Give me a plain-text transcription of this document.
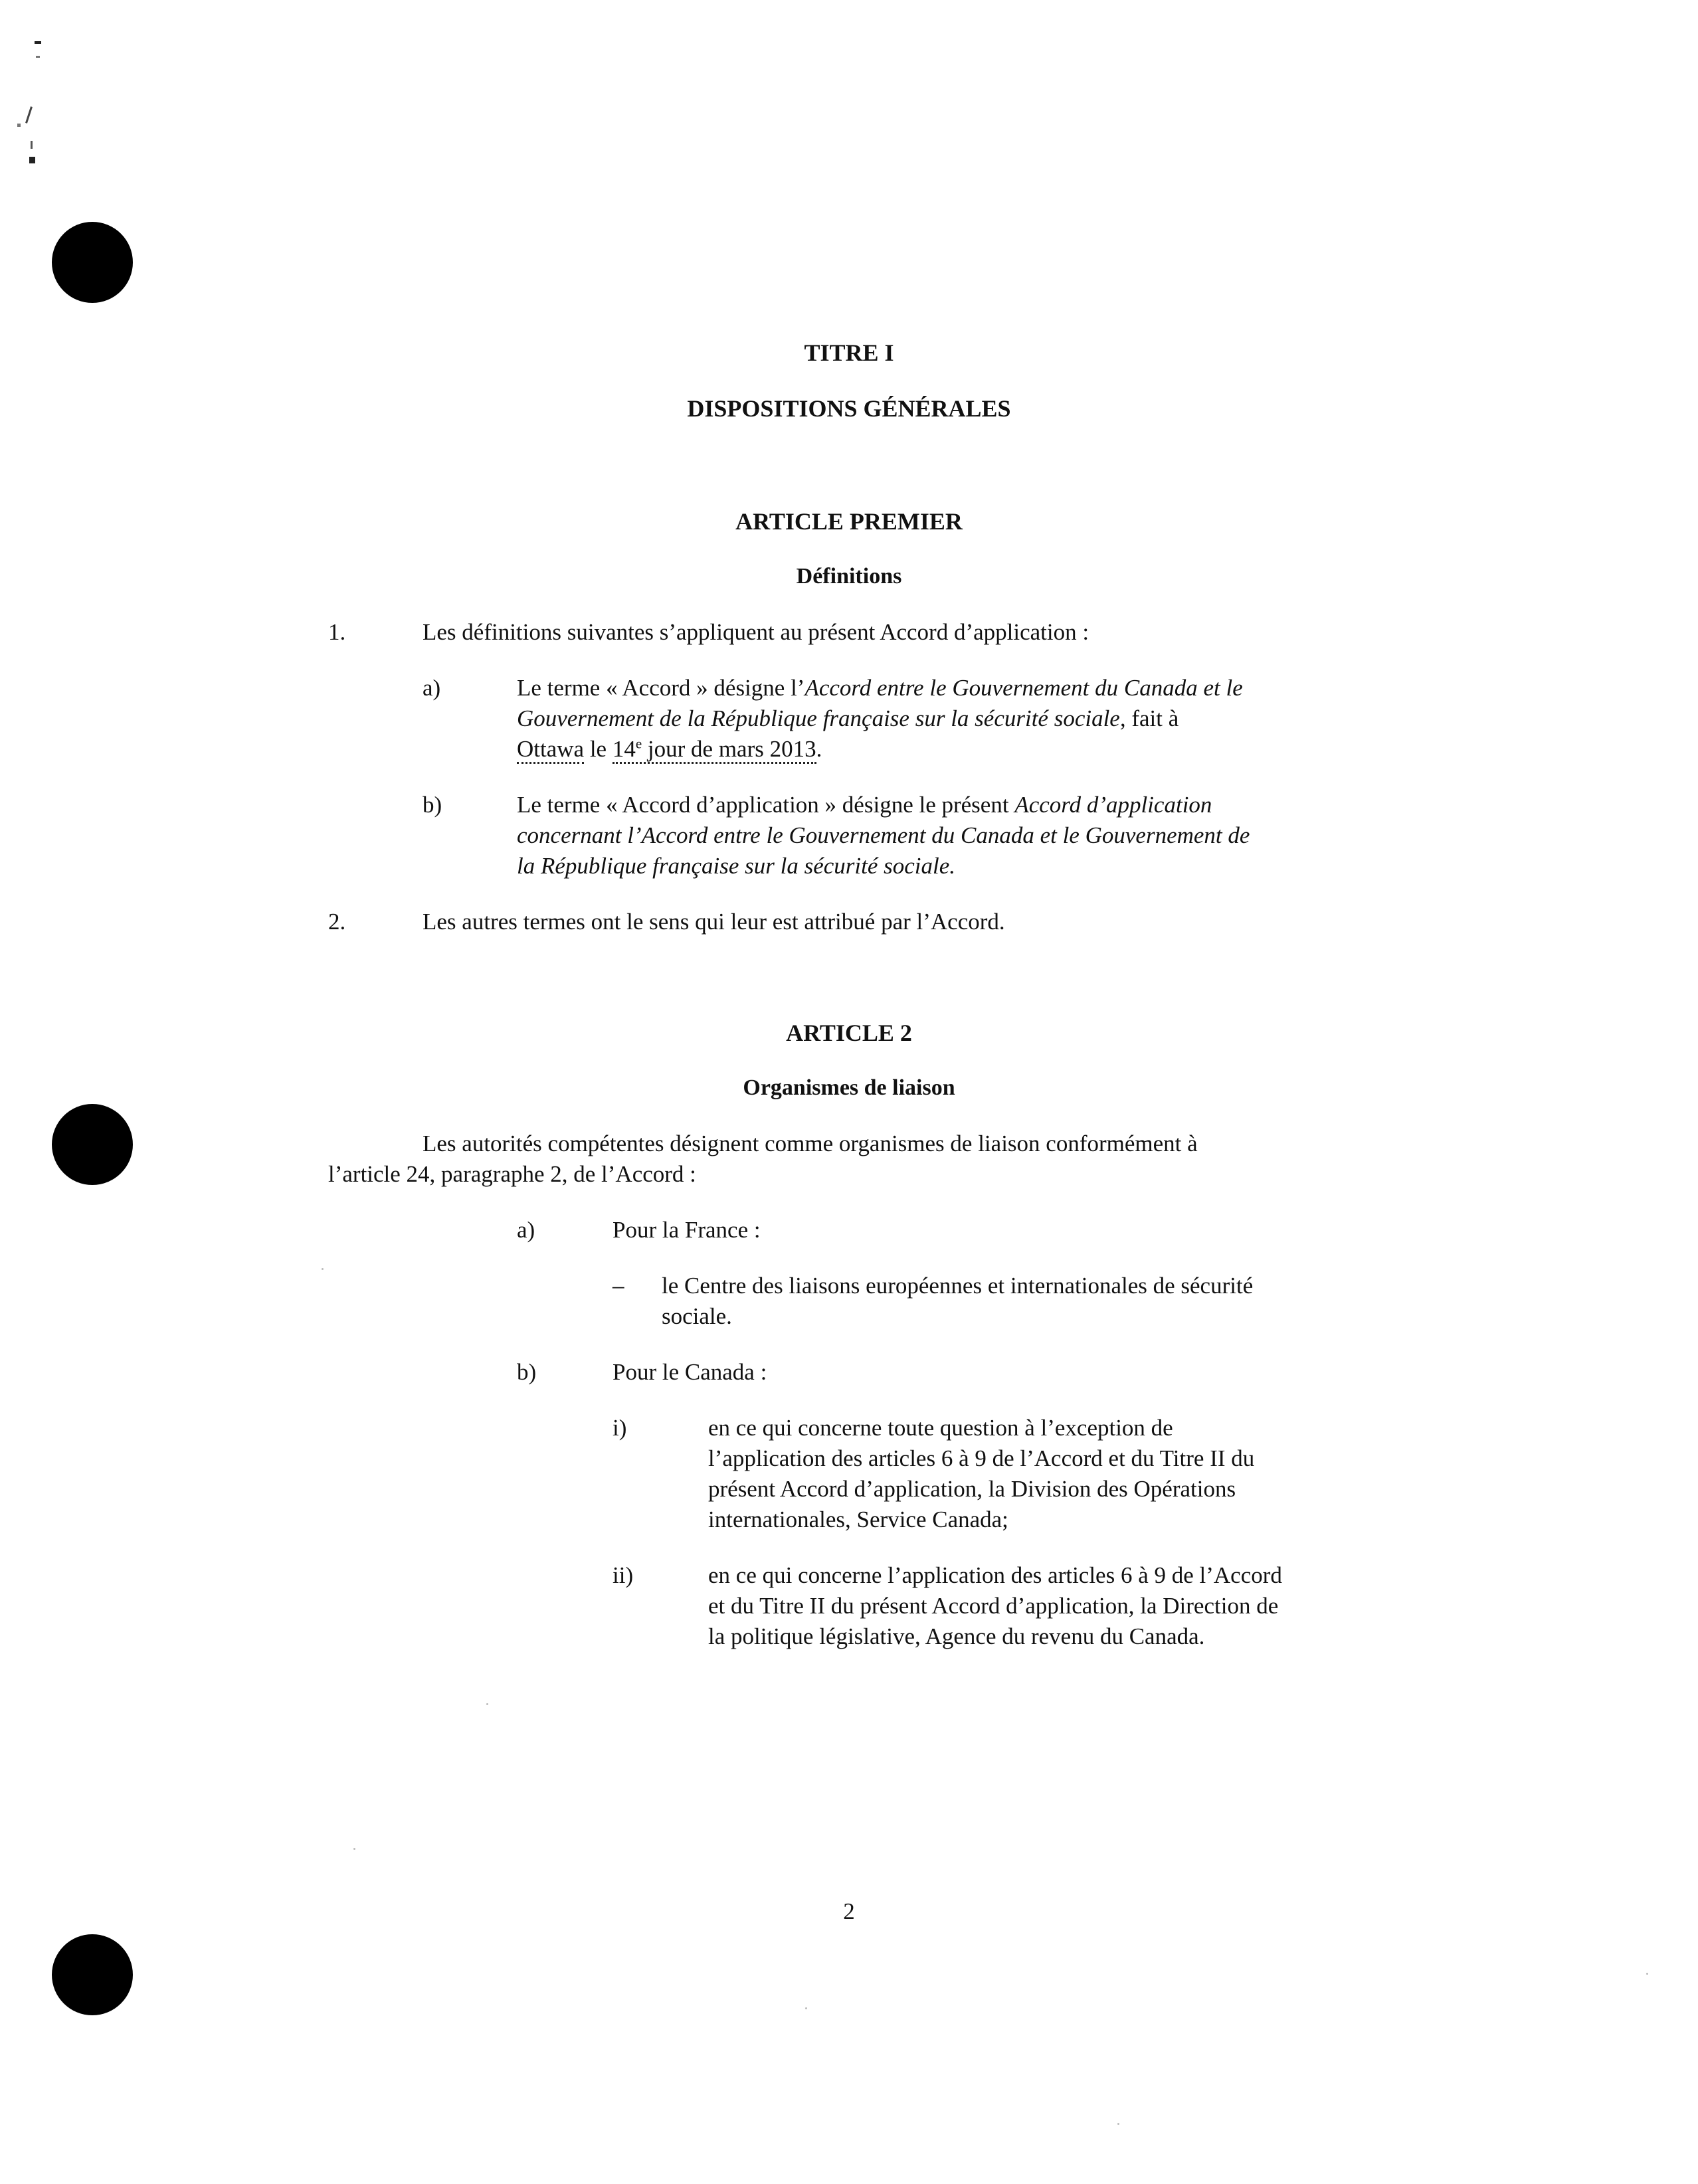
TITRE I
DISPOSITIONS GÉNÉRALES
ARTICLE PREMIER
Définitions
1.	Les définitions suivantes s’appliquent au présent Accord d’application :
a)	Le terme « Accord » désigne l’Accord entre le Gouvernement du Canada et le
Gouvernement de la République française sur la sécurité sociale, fait à
Ottawa le 14e jour de mars 2013.
b)	Le terme « Accord d’application » désigne le présent Accord d’application
concernant l’Accord entre le Gouvernement du Canada et le Gouvernement de
la République française sur la sécurité sociale.
2.	Les autres termes ont le sens qui leur est attribué par l’Accord.
ARTICLE 2
Organismes de liaison
Les autorités compétentes désignent comme organismes de liaison conformément à
l’article 24, paragraphe 2, de l’Accord :
a)	Pour la France :
– le Centre des liaisons européennes et internationales de sécurité
sociale.
b)	Pour le Canada :
i)	en ce qui concerne toute question à l’exception de
l’application des articles 6 à 9 de l’Accord et du Titre II du
présent Accord d’application, la Division des Opérations
internationales, Service Canada;
ii)	en ce qui concerne l’application des articles 6 à 9 de l’Accord
et du Titre II du présent Accord d’application, la Direction de
la politique législative, Agence du revenu du Canada.
2
